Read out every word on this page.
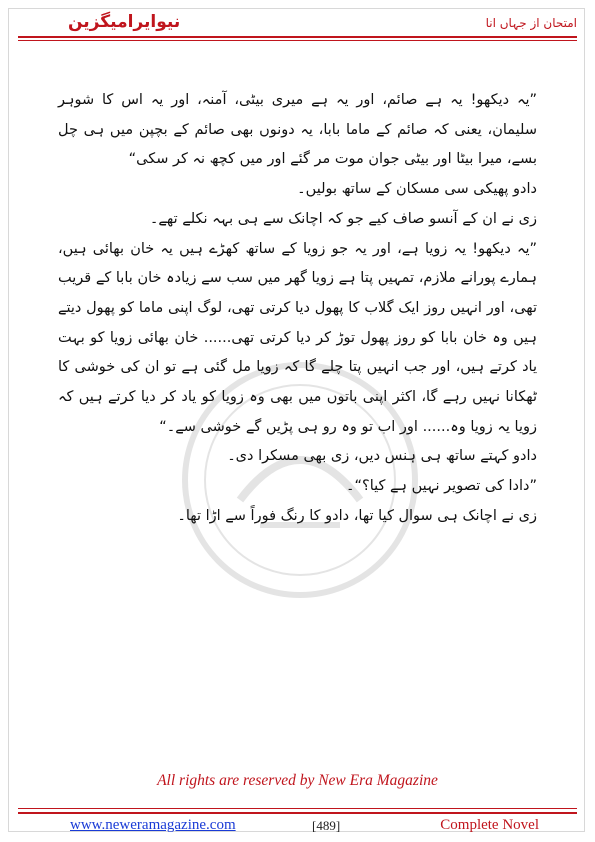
نیوایرامیگزین	امتحان از جہاں انا

”یہ دیکھو! یہ ہے صائم، اور یہ ہے میری بیٹی، آمنہ، اور یہ اس کا شوہر سلیمان، یعنی کہ صائم کے ماما بابا، یہ دونوں بھی صائم کے بچپن میں ہی چل بسے، میرا بیٹا اور بیٹی جوان موت مر گئے اور میں کچھ نہ کر سکی“

دادو پھیکی سی مسکان کے ساتھ بولیں۔

زی نے ان کے آنسو صاف کیے جو کہ اچانک سے ہی بہہ نکلے تھے۔

”یہ دیکھو! یہ زویا ہے، اور یہ جو زویا کے ساتھ کھڑے ہیں یہ خان بھائی ہیں، ہمارے پورانے ملازم، تمہیں پتا ہے زویا گھر میں سب سے زیادہ خان بابا کے قریب تھی، اور انہیں روز ایک گلاب کا پھول دیا کرتی تھی، لوگ اپنی ماما کو پھول دیتے ہیں وہ خان بابا کو روز پھول توڑ کر دیا کرتی تھی...... خان بھائی زویا کو بہت یاد کرتے ہیں، اور جب انہیں پتا چلے گا کہ زویا مل گئی ہے تو ان کی خوشی کا ٹھکانا نہیں رہے گا، اکثر اپنی باتوں میں بھی وہ زویا کو یاد کر دیا کرتے ہیں کہ زویا یہ زویا وہ...... اور اب تو وہ رو ہی پڑیں گے خوشی سے۔“

دادو کہتے ساتھ ہی ہنس دیں، زی بھی مسکرا دی۔

”دادا کی تصویر نہیں ہے کیا؟“۔

زی نے اچانک ہی سوال کیا تھا، دادو کا رنگ فوراً سے اڑا تھا۔

All rights are reserved by New Era Magazine
www.neweramagazine.com	[489]	Complete Novel
